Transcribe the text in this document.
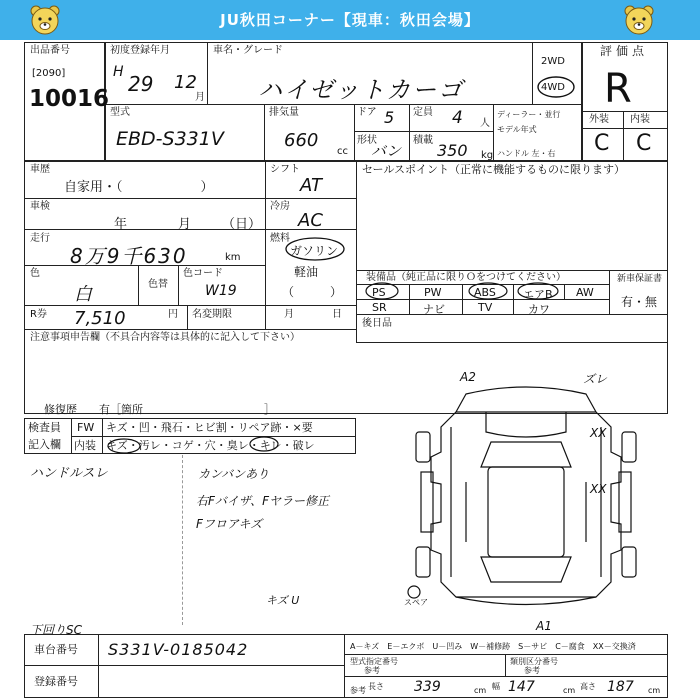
JU秋田コーナー【現車：秋田会場】
出品番号
[2090]
10016
初度登録年月
H 29 12
月
車名・グレード
ハイゼットカーゴ
2WD
4WD
評価点
R
外装 内装
C C
型式
EBD-S331V
排気量
660
cc
ドア 5 定員 4 人
ディーラー・並行
モデル年式
ハンドル 左・右
形状
バン
積載
350 kg
車歴
自家用・（　　　　　　）
シフト
AT
セールスポイント（正常に機能するものに限ります）
車検
年	月 （日）
冷房
AC
走行
8万9千630	km
燃料
ガソリン
軽油
（　　　）
色
白	色替
色コード
W19
装備品（純正品に限りＯをつけてください）
PS	PW	ABS エアB AW
SR	ナビ	TV	カワ
新車保証書
有・無
後日品
R券 7,510	円 名変期限	月	日
注意事項申告欄（不具合内容等は具体的に記入して下さい）
修復歴　　有［箇所　　　　　　　　　　　］
検査員
記入欄
FW キズ・凹・飛石・ヒビ割・リペア跡・×要
内装 キズ・汚レ・コゲ・穴・臭レ・キレ・破レ
ハンドルスレ	カンバンあり
右Fバイザ、Fヤラー修正
Fフロアキズ
キズ U
下回りSC
A2	ズレ
XX
XX
A1
スペア
車台番号 S331V-0185042
登録番号
A－キズ　E－エクボ　U－凹み　W－補修跡　S－サビ　C－腐食　XX－交換済
型式指定番号
参考
類別区分番号
参考
参考 長さ 339	cm 幅 147	cm 高さ 187 cm
